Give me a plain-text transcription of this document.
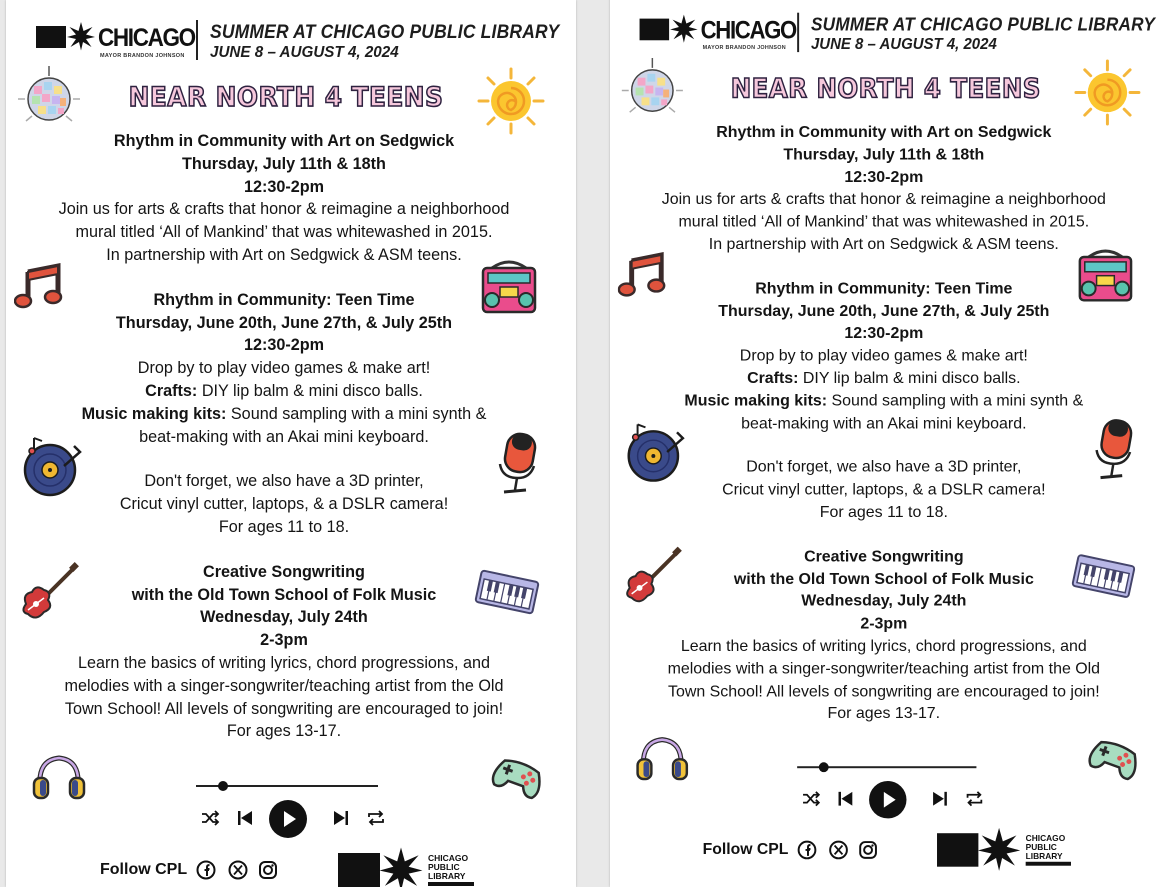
CHICAGO
MAYOR BRANDON JOHNSON
SUMMER AT CHICAGO PUBLIC LIBRARY
JUNE 8 – AUGUST 4, 2024
NEAR NORTH 4 TEENS
Rhythm in Community with Art on Sedgwick
Thursday, July 11th & 18th
12:30-2pm
Join us for arts & crafts that honor & reimagine a neighborhood
mural titled ‘All of Mankind’ that was whitewashed in 2015.
In partnership with Art on Sedgwick & ASM teens.
Rhythm in Community: Teen Time
Thursday, June 20th, June 27th, & July 25th
12:30-2pm
Drop by to play video games & make art!
Crafts: DIY lip balm & mini disco balls.
Music making kits: Sound sampling with a mini synth &
beat-making with an Akai mini keyboard.
Don't forget, we also have a 3D printer,
Cricut vinyl cutter, laptops, & a DSLR camera!
For ages 11 to 18.
Creative Songwriting
with the Old Town School of Folk Music
Wednesday, July 24th
2-3pm
Learn the basics of writing lyrics, chord progressions, and
melodies with a singer-songwriter/teaching artist from the Old
Town School! All levels of songwriting are encouraged to join!
For ages 13-17.
Follow CPL
CHICAGO
PUBLIC
LIBRARY
CHICAGO
MAYOR BRANDON JOHNSON
SUMMER AT CHICAGO PUBLIC LIBRARY
JUNE 8 – AUGUST 4, 2024
NEAR NORTH 4 TEENS
Rhythm in Community with Art on Sedgwick
Thursday, July 11th & 18th
12:30-2pm
Join us for arts & crafts that honor & reimagine a neighborhood
mural titled ‘All of Mankind’ that was whitewashed in 2015.
In partnership with Art on Sedgwick & ASM teens.
Rhythm in Community: Teen Time
Thursday, June 20th, June 27th, & July 25th
12:30-2pm
Drop by to play video games & make art!
Crafts: DIY lip balm & mini disco balls.
Music making kits: Sound sampling with a mini synth &
beat-making with an Akai mini keyboard.
Don't forget, we also have a 3D printer,
Cricut vinyl cutter, laptops, & a DSLR camera!
For ages 11 to 18.
Creative Songwriting
with the Old Town School of Folk Music
Wednesday, July 24th
2-3pm
Learn the basics of writing lyrics, chord progressions, and
melodies with a singer-songwriter/teaching artist from the Old
Town School! All levels of songwriting are encouraged to join!
For ages 13-17.
Follow CPL
CHICAGO
PUBLIC
LIBRARY
